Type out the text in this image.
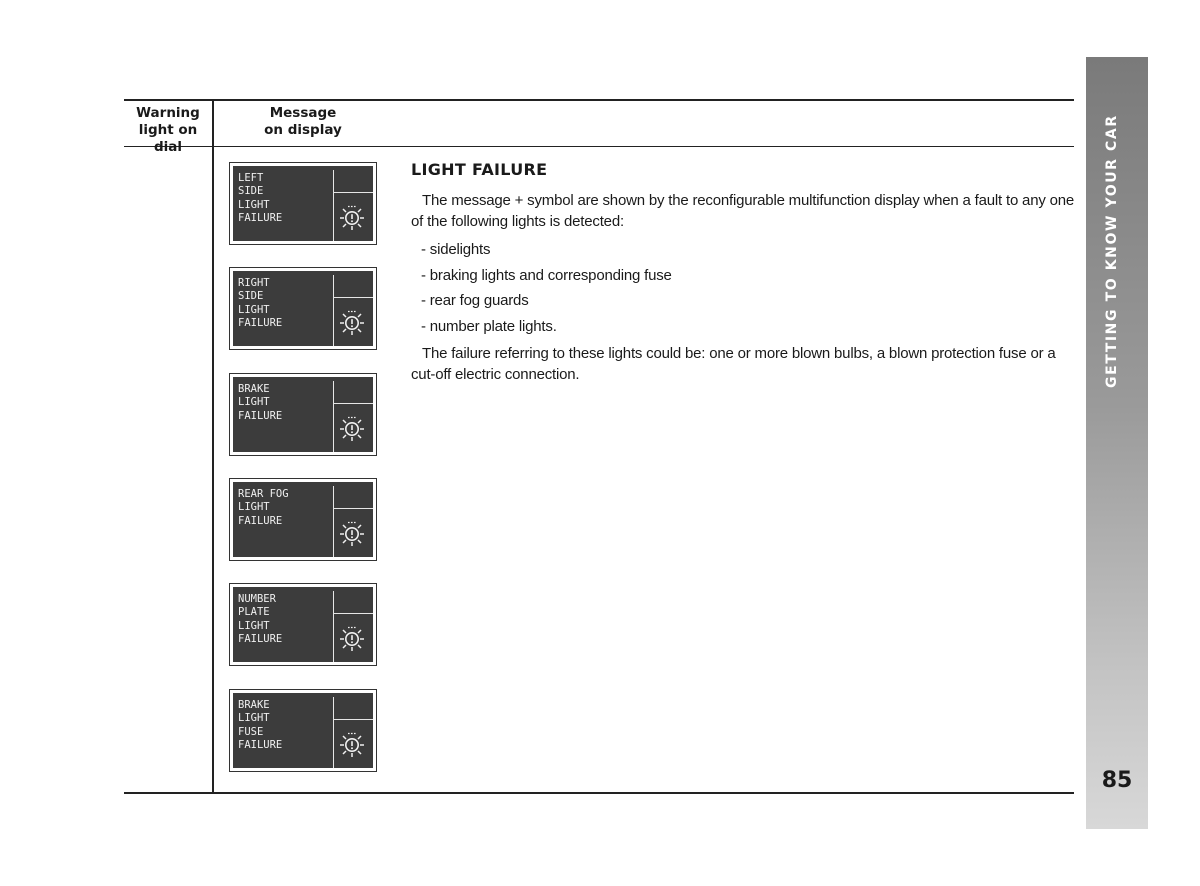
Warning
light on dial
Message
on display
LEFT
SIDE
LIGHT
FAILURE
RIGHT
SIDE
LIGHT
FAILURE
BRAKE
LIGHT
FAILURE
REAR FOG
LIGHT
FAILURE
NUMBER
PLATE
LIGHT
FAILURE
BRAKE
LIGHT
FUSE
FAILURE
LIGHT FAILURE
The message + symbol are shown by the reconfigurable multifunction display when a fault to any one of the following lights is detected:
- sidelights
- braking lights and corresponding fuse
- rear fog guards
- number plate lights.
The failure referring to these lights could be: one or more blown bulbs, a blown protection fuse or a cut-off electric connection.	GETTING TO KNOW YOUR CAR
85
